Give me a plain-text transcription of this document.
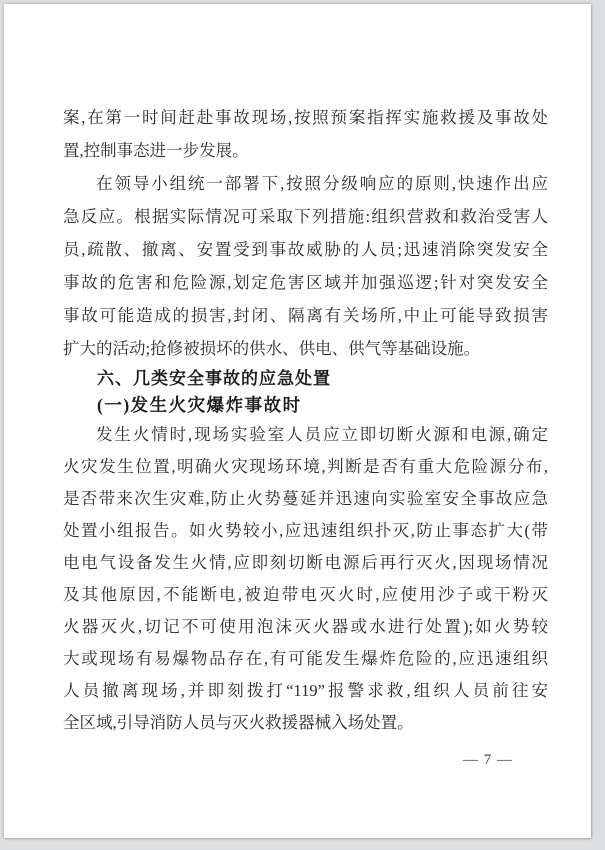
案,在第一时间赶赴事故现场,按照预案指挥实施救援及事故处
置,控制事态进一步发展。
在领导小组统一部署下,按照分级响应的原则,快速作出应
急反应。根据实际情况可采取下列措施:组织营救和救治受害人
员,疏散、撤离、安置受到事故威胁的人员;迅速消除突发安全
事故的危害和危险源,划定危害区域并加强巡逻;针对突发安全
事故可能造成的损害,封闭、隔离有关场所,中止可能导致损害
扩大的活动;抢修被损坏的供水、供电、供气等基础设施。
六、几类安全事故的应急处置
(一)发生火灾爆炸事故时
发生火情时,现场实验室人员应立即切断火源和电源,确定
火灾发生位置,明确火灾现场环境,判断是否有重大危险源分布,
是否带来次生灾难,防止火势蔓延并迅速向实验室安全事故应急
处置小组报告。如火势较小,应迅速组织扑灭,防止事态扩大(带
电电气设备发生火情,应即刻切断电源后再行灭火,因现场情况
及其他原因,不能断电,被迫带电灭火时,应使用沙子或干粉灭
火器灭火,切记不可使用泡沫灭火器或水进行处置);如火势较
大或现场有易爆物品存在,有可能发生爆炸危险的,应迅速组织
人员撤离现场,并即刻拨打“119”报警求救,组织人员前往安
全区域,引导消防人员与灭火救援器械入场处置。
— 7 —
